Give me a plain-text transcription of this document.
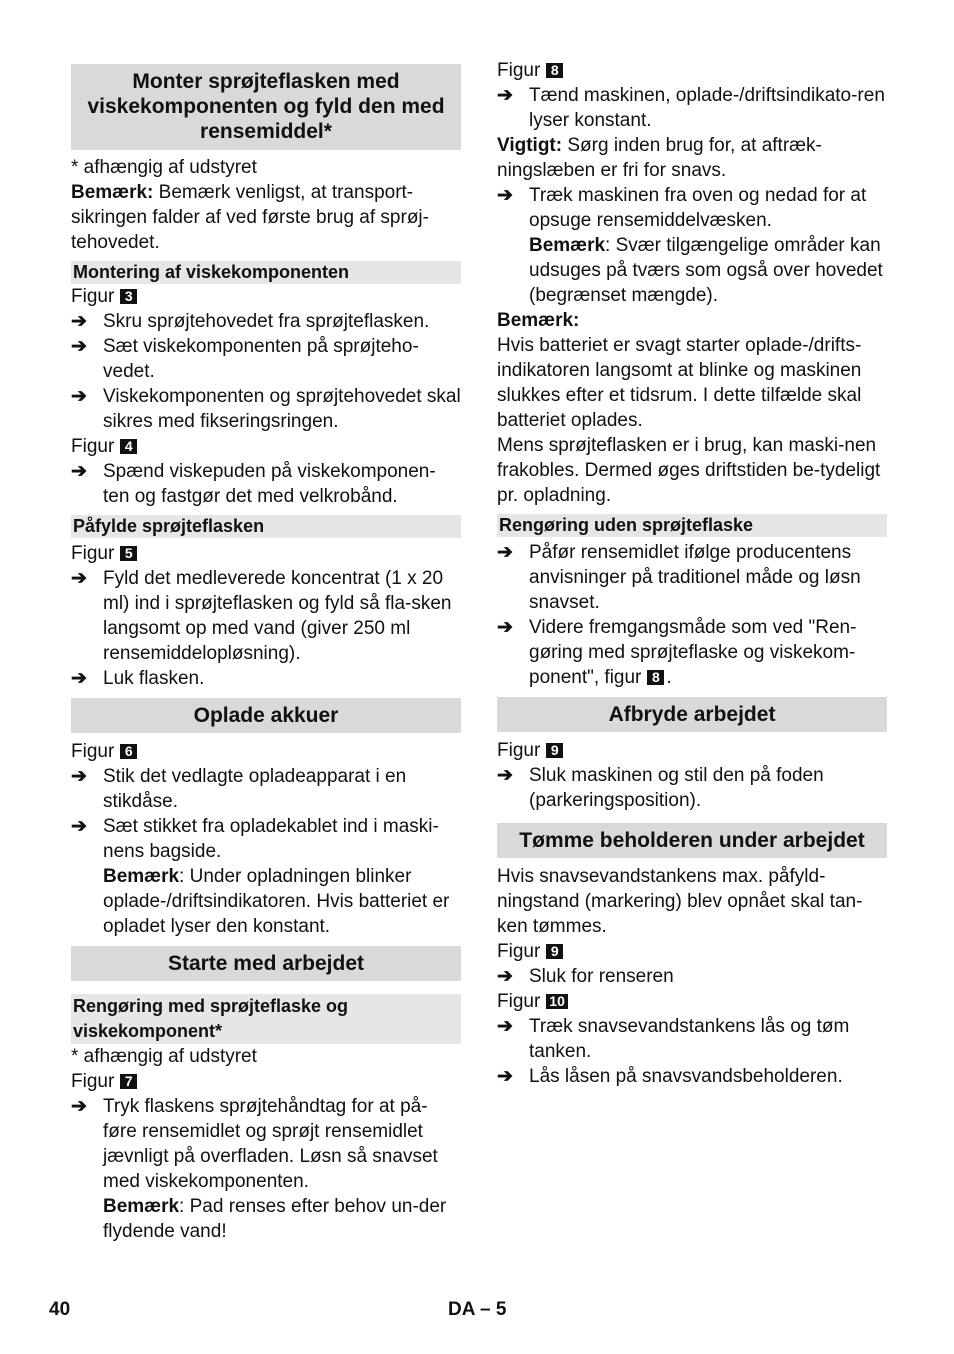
Monter sprøjteflasken med viskekomponenten og fyld den med rensemiddel*

* afhængig af udstyret

Bemærk: Bemærk venligst, at transport-sikringen falder af ved første brug af sprøj-tehovedet.

Montering af viskekomponenten

Figur 3

➔ Skru sprøjtehovedet fra sprøjteflasken.
➔ Sæt viskekomponenten på sprøjteho-vedet.
➔ Viskekomponenten og sprøjtehovedet skal sikres med fikseringsringen.

Figur 4

➔ Spænd viskepuden på viskekomponen-ten og fastgør det med velkrobånd.
Påfylde sprøjteflasken

Figur 5

➔ Fyld det medleverede koncentrat (1 x 20 ml) ind i sprøjteflasken og fyld så fla-sken langsomt op med vand (giver 250 ml rensemiddelopløsning).
➔ Luk flasken.
Oplade akkuer

Figur 6

➔ Stik det vedlagte opladeapparat i en stikdåse.
➔ Sæt stikket fra opladekablet ind i maski-nens bagside.
Bemærk: Under opladningen blinker oplade-/driftsindikatoren. Hvis batteriet er opladet lyser den konstant.
Starte med arbejdet
Rengøring med sprøjteflaske og viskekomponent*

* afhængig af udstyret

Figur 7

➔ Tryk flaskens sprøjtehåndtag for at på-føre rensemidlet og sprøjt rensemidlet jævnligt på overfladen. Løsn så snavset med viskekomponenten.
Bemærk: Pad renses efter behov un-der flydende vand!

Figur 8

➔ Tænd maskinen, oplade-/driftsindikato-ren lyser konstant.

Vigtigt: Sørg inden brug for, at aftræk-ningslæben er fri for snavs.

➔ Træk maskinen fra oven og nedad for at opsuge rensemiddelvæsken.
Bemærk: Svær tilgængelige områder kan udsuges på tværs som også over hovedet (begrænset mængde).

Bemærk:

Hvis batteriet er svagt starter oplade-/drifts-indikatoren langsomt at blinke og maskinen slukkes efter et tidsrum. I dette tilfælde skal batteriet oplades.

Mens sprøjteflasken er i brug, kan maski-nen frakobles. Dermed øges driftstiden be-tydeligt pr. opladning.

Rengøring uden sprøjteflaske
➔ Påfør rensemidlet ifølge producentens anvisninger på traditionel måde og løsn snavset.
➔ Videre fremgangsmåde som ved "Ren-gøring med sprøjteflaske og viskekom-ponent", figur 8 .
Afbryde arbejdet

Figur 9

➔ Sluk maskinen og stil den på foden (parkeringsposition).
Tømme beholderen under arbejdet

Hvis snavsevandstankens max. påfyld-ningstand (markering) blev opnået skal tan-ken tømmes.

Figur 9

➔ Sluk for renseren

Figur 10

➔ Træk snavsevandstankens lås og tøm tanken.
➔ Lås låsen på snavsvandsbeholderen.
40	DA – 5
